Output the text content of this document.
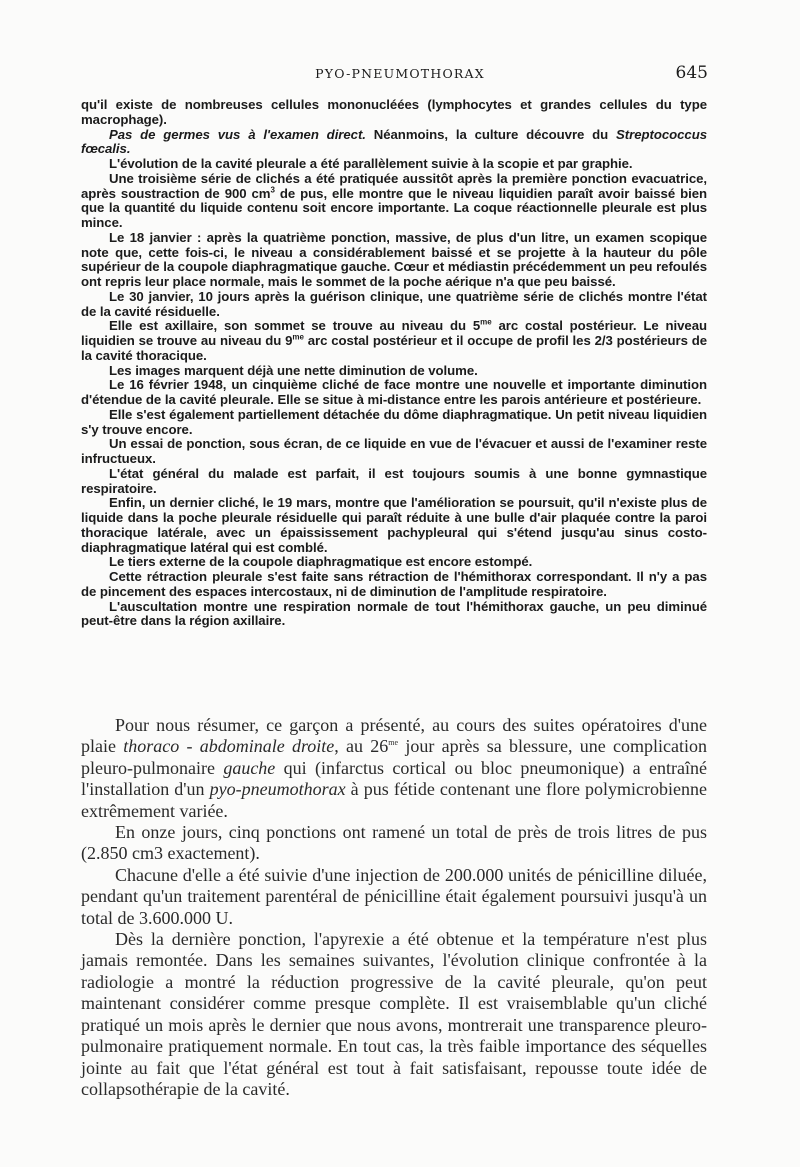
PYO-PNEUMOTHORAX	645

qu'il existe de nombreuses cellules mononucléées (lymphocytes et grandes cellules du type macrophage).

Pas de germes vus à l'examen direct. Néanmoins, la culture découvre du Streptococcus fœcalis.

L'évolution de la cavité pleurale a été parallèlement suivie à la scopie et par graphie.

Une troisième série de clichés a été pratiquée aussitôt après la première ponction evacuatrice, après soustraction de 900 $cm^3$ de pus, elle montre que le niveau liquidien paraît avoir baissé bien que la quantité du liquide contenu soit encore importante. La coque réactionnelle pleurale est plus mince.

Le 18 janvier : après la quatrième ponction, massive, de plus d'un litre, un examen scopique note que, cette fois-ci, le niveau a considérablement baissé et se projette à la hauteur du pôle supérieur de la coupole diaphragmatique gauche. Cœur et médiastin précédemment un peu refoulés ont repris leur place normale, mais le sommet de la poche aérique n'a que peu baissé.

Le 30 janvier, 10 jours après la guérison clinique, une quatrième série de clichés montre l'état de la cavité résiduelle.

Elle est axillaire, son sommet se trouve au niveau du $5^{me}$ arc costal postérieur. Le niveau liquidien se trouve au niveau du $9^{me}$ arc costal postérieur et il occupe de profil les 2/3 postérieurs de la cavité thoracique.

Les images marquent déjà une nette diminution de volume.

Le 16 février 1948, un cinquième cliché de face montre une nouvelle et importante diminution d'étendue de la cavité pleurale. Elle se situe à mi-distance entre les parois antérieure et postérieure.

Elle s'est également partiellement détachée du dôme diaphragmatique. Un petit niveau liquidien s'y trouve encore.

Un essai de ponction, sous écran, de ce liquide en vue de l'évacuer et aussi de l'examiner reste infructueux.

L'état général du malade est parfait, il est toujours soumis à une bonne gymnastique respiratoire.

Enfin, un dernier cliché, le 19 mars, montre que l'amélioration se poursuit, qu'il n'existe plus de liquide dans la poche pleurale résiduelle qui paraît réduite à une bulle d'air plaquée contre la paroi thoracique latérale, avec un épaississement pachypleural qui s'étend jusqu'au sinus costo-diaphragmatique latéral qui est comblé.

Le tiers externe de la coupole diaphragmatique est encore estompé.

Cette rétraction pleurale s'est faite sans rétraction de l'hémithorax correspondant. Il n'y a pas de pincement des espaces intercostaux, ni de diminution de l'amplitude respiratoire.

L'auscultation montre une respiration normale de tout l'hémithorax gauche, un peu diminué peut-être dans la région axillaire.

Pour nous résumer, ce garçon a présenté, au cours des suites opératoires d'une plaie thoraco - abdominale droite, au $26^{me}$ jour après sa blessure, une complication pleuro-pulmonaire gauche qui (infarctus cortical ou bloc pneumonique) a entraîné l'installation d'un pyo-pneumothorax à pus fétide contenant une flore polymicrobienne extrêmement variée.

En onze jours, cinq ponctions ont ramené un total de près de trois litres de pus (2.850 cm3 exactement).

Chacune d'elle a été suivie d'une injection de 200.000 unités de pénicilline diluée, pendant qu'un traitement parentéral de pénicilline était également poursuivi jusqu'à un total de 3.600.000 U.

Dès la dernière ponction, l'apyrexie a été obtenue et la température n'est plus jamais remontée. Dans les semaines suivantes, l'évolution clinique confrontée à la radiologie a montré la réduction progressive de la cavité pleurale, qu'on peut maintenant considérer comme presque complète. Il est vraisemblable qu'un cliché pratiqué un mois après le dernier que nous avons, montrerait une transparence pleuro-pulmonaire pratiquement normale. En tout cas, la très faible importance des séquelles jointe au fait que l'état général est tout à fait satisfaisant, repousse toute idée de collapsothérapie de la cavité.
